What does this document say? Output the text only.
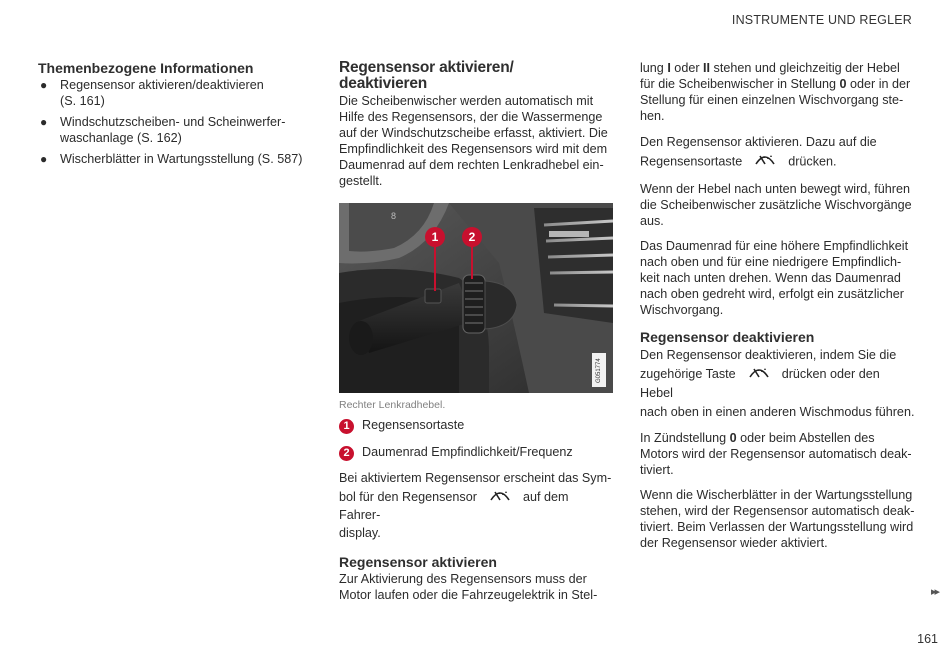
INSTRUMENTE UND REGLER
Themenbezogene Informationen
● Regensensor aktivieren/deaktivieren
(S. 161)
● Windschutzscheiben- und Scheinwerfer-
waschanlage (S. 162)
● Wischerblätter in Wartungsstellung (S. 587)
Regensensor aktivieren/
deaktivieren

Die Scheibenwischer werden automatisch mit
Hilfe des Regensensors, der die Wassermenge
auf der Windschutzscheibe erfasst, aktiviert. Die
Empfindlichkeit des Regensensors wird mit dem
Daumenrad auf dem rechten Lenkradhebel ein-
gestellt.

8
1	2
G051774
Rechter Lenkradhebel.
1 Regensensortaste
2 Daumenrad Empfindlichkeit/Frequenz

Bei aktiviertem Regensensor erscheint das Sym-
bol für den Regensensor	auf dem Fahrer-
display.

Regensensor aktivieren

Zur Aktivierung des Regensensors muss der
Motor laufen oder die Fahrzeugelektrik in Stel-

lung I oder II stehen und gleichzeitig der Hebel
für die Scheibenwischer in Stellung 0 oder in der
Stellung für einen einzelnen Wischvorgang ste-
hen.

Den Regensensor aktivieren. Dazu auf die
Regensensortaste	drücken.

Wenn der Hebel nach unten bewegt wird, führen
die Scheibenwischer zusätzliche Wischvorgänge
aus.

Das Daumenrad für eine höhere Empfindlichkeit
nach oben und für eine niedrigere Empfindlich-
keit nach unten drehen. Wenn das Daumenrad
nach oben gedreht wird, erfolgt ein zusätzlicher
Wischvorgang.

Regensensor deaktivieren

Den Regensensor deaktivieren, indem Sie die
zugehörige Taste	drücken oder den Hebel
nach oben in einen anderen Wischmodus führen.

In Zündstellung 0 oder beim Abstellen des
Motors wird der Regensensor automatisch deak-
tiviert.

Wenn die Wischerblätter in der Wartungsstellung
stehen, wird der Regensensor automatisch deak-
tiviert. Beim Verlassen der Wartungsstellung wird
der Regensensor wieder aktiviert.

▸▸
161
